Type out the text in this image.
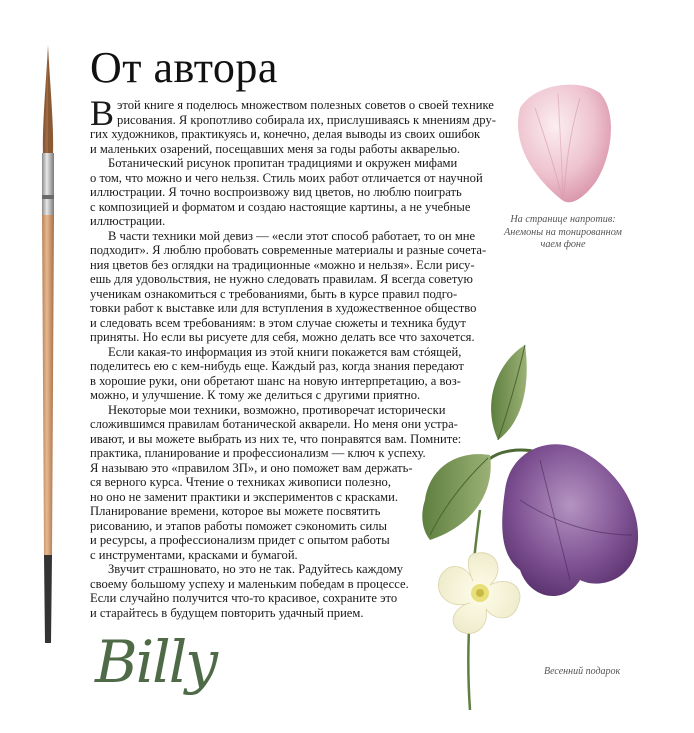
От автора

Вэтой книге я поделюсь множеством полезных советов о своей технике
рисования. Я кропотливо собирала их, прислушиваясь к мнениям дру-
гих художников, практикуясь и, конечно, делая выводы из своих ошибок
и маленьких озарений, посещавших меня за годы работы акварелью.

Ботанический рисунок пропитан традициями и окружен мифами
о том, что можно и чего нельзя. Стиль моих работ отличается от научной
иллюстрации. Я точно воспроизвожу вид цветов, но люблю поиграть
с композицией и форматом и создаю настоящие картины, а не учебные
иллюстрации.

В части техники мой девиз — «если этот способ работает, то он мне
подходит». Я люблю пробовать современные материалы и разные сочета-
ния цветов без оглядки на традиционные «можно и нельзя». Если рису-
ешь для удовольствия, не нужно следовать правилам. Я всегда советую
ученикам ознакомиться с требованиями, быть в курсе правил подго-
товки работ к выставке или для вступления в художественное общество
и следовать всем требованиям: в этом случае сюжеты и техника будут
приняты. Но если вы рисуете для себя, можно делать все что захочется.

Если какая-то информация из этой книги покажется вам стóящей,
поделитесь ею с кем-нибудь еще. Каждый раз, когда знания передают
в хорошие руки, они обретают шанс на новую интерпретацию, а воз-
можно, и улучшение. К тому же делиться с другими приятно.

Некоторые мои техники, возможно, противоречат исторически
сложившимся правилам ботанической акварели. Но меня они устра-
ивают, и вы можете выбрать из них те, что понравятся вам. Помните:
практика, планирование и профессионализм — ключ к успеху.
Я называю это «правилом 3П», и оно поможет вам держать-
ся верного курса. Чтение о техниках живописи полезно,
но оно не заменит практики и экспериментов с красками.
Планирование времени, которое вы можете посвятить
рисованию, и этапов работы поможет сэкономить силы
и ресурсы, а профессионализм придет с опытом работы
с инструментами, красками и бумагой.

Звучит страшновато, но это не так. Радуйтесь каждому
своему большому успеху и маленьким победам в процессе.
Если случайно получится что-то красивое, сохраните это
и старайтесь в будущем повторить удачный прием.

На странице напротив:
Анемоны на тонированном
чаем фоне
Весенний подарок
Billy
